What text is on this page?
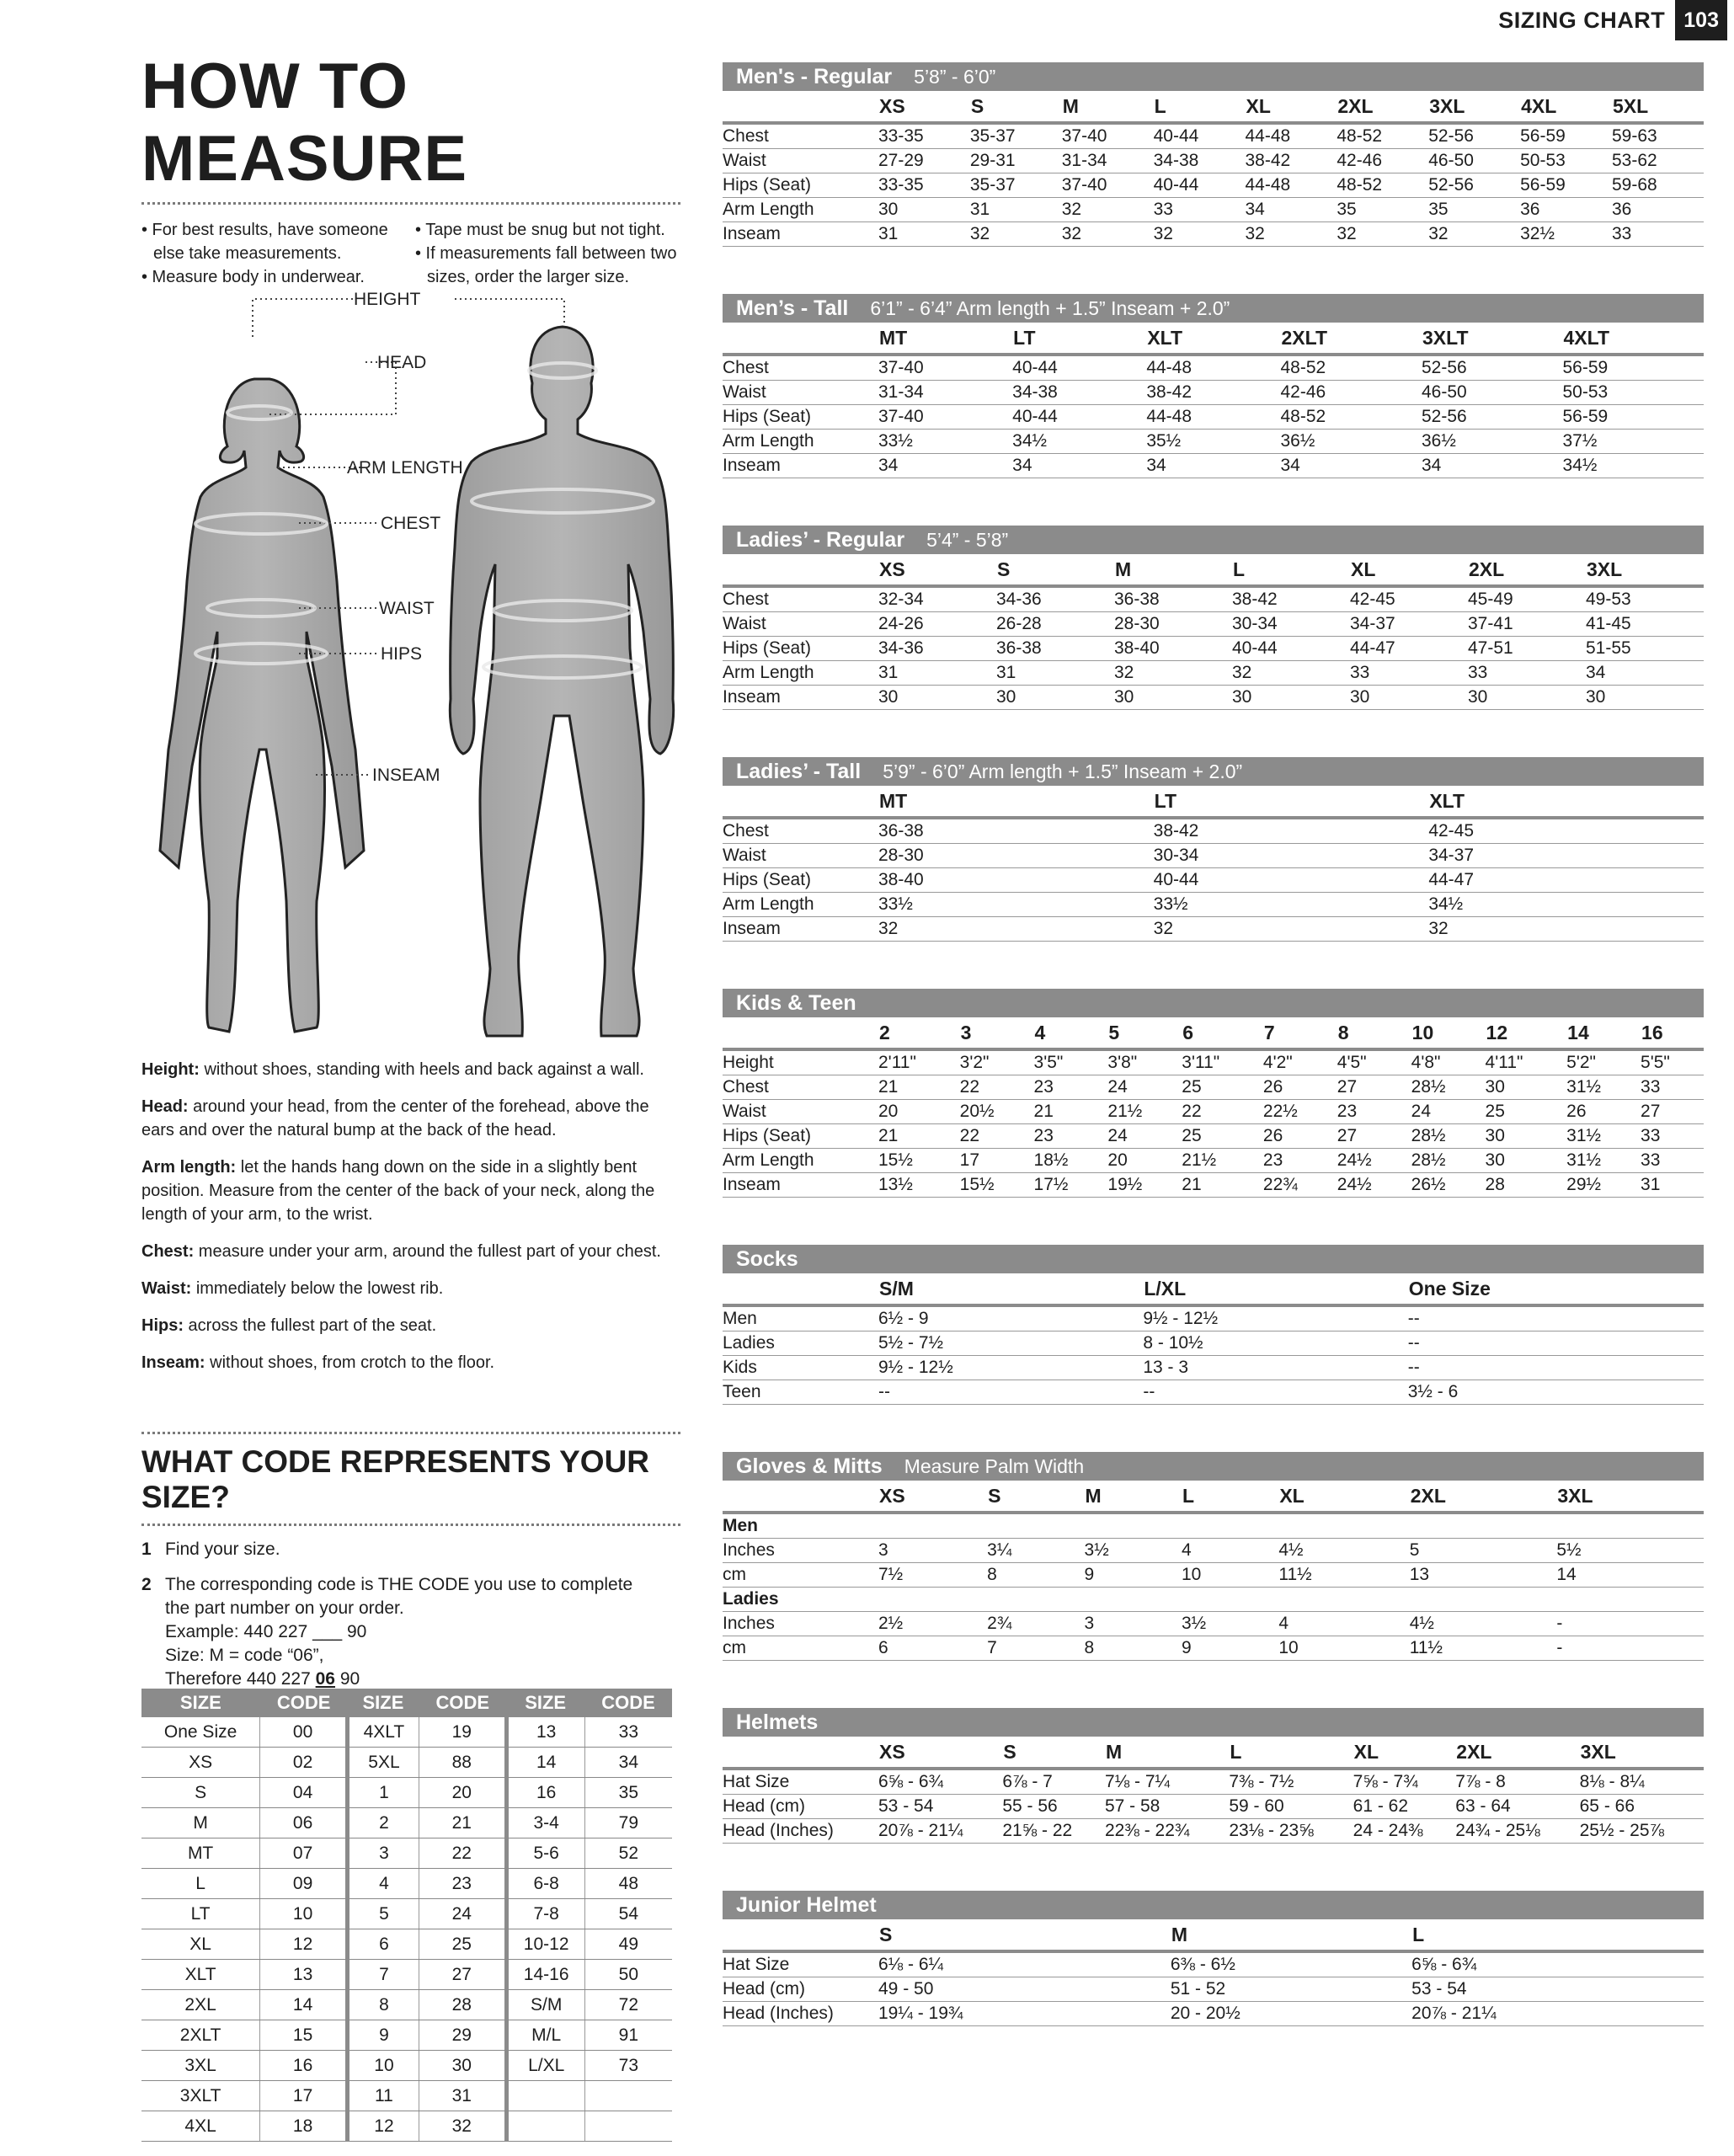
SIZING CHART 103
HOW TO MEASURE
• For best results, have someone else take measurements.
• Measure body in underwear.
• Tape must be snug but not tight.
• If measurements fall between two sizes, order the larger size.
HEIGHT
HEAD
ARM LENGTH
CHEST
WAIST
HIPS
INSEAM

Height: without shoes, standing with heels and back against a wall.

Head: around your head, from the center of the forehead, above the ears and over the natural bump at the back of the head.

Arm length: let the hands hang down on the side in a slightly bent position. Measure from the center of the back of your neck, along the length of your arm, to the wrist.

Chest: measure under your arm, around the fullest part of your chest.

Waist: immediately below the lowest rib.

Hips: across the fullest part of the seat.

Inseam: without shoes, from crotch to the floor.

WHAT CODE REPRESENTS YOUR SIZE?
1 Find your size.
2 The corresponding code is THE CODE you use to complete
the part number on your order.
Example: 440 227 ___ 90
Size: M = code “06”,
Therefore 440 227 06 90
SIZE	CODE	SIZE	CODE	SIZE	CODE
One Size	00	4XLT	19	13	33
XS	02	5XL	88	14	34
S	04	1	20	16	35
M	06	2	21	3-4	79
MT	07	3	22	5-6	52
L	09	4	23	6-8	48
LT	10	5	24	7-8	54
XL	12	6	25	10-12	49
XLT	13	7	27	14-16	50
2XL	14	8	28	S/M	72
2XLT	15	9	29	M/L	91
3XL	16	10	30	L/XL	73
3XLT	17	11	31		
4XL	18	12	32		
Men's - Regular 5’8” - 6’0”
	XS	S	M	L	XL	2XL	3XL	4XL	5XL
Chest	33-35	35-37	37-40	40-44	44-48	48-52	52-56	56-59	59-63
Waist	27-29	29-31	31-34	34-38	38-42	42-46	46-50	50-53	53-62
Hips (Seat)	33-35	35-37	37-40	40-44	44-48	48-52	52-56	56-59	59-68
Arm Length	30	31	32	33	34	35	35	36	36
Inseam	31	32	32	32	32	32	32	32½	33
Men’s - Tall 6’1” - 6’4” Arm length + 1.5” Inseam + 2.0”
	MT	LT	XLT	2XLT	3XLT	4XLT
Chest	37-40	40-44	44-48	48-52	52-56	56-59
Waist	31-34	34-38	38-42	42-46	46-50	50-53
Hips (Seat)	37-40	40-44	44-48	48-52	52-56	56-59
Arm Length	33½	34½	35½	36½	36½	37½
Inseam	34	34	34	34	34	34½
Ladies’ - Regular 5’4” - 5’8”
	XS	S	M	L	XL	2XL	3XL
Chest	32-34	34-36	36-38	38-42	42-45	45-49	49-53
Waist	24-26	26-28	28-30	30-34	34-37	37-41	41-45
Hips (Seat)	34-36	36-38	38-40	40-44	44-47	47-51	51-55
Arm Length	31	31	32	32	33	33	34
Inseam	30	30	30	30	30	30	30
Ladies’ - Tall 5’9” - 6’0” Arm length + 1.5” Inseam + 2.0”
	MT	LT	XLT
Chest	36-38	38-42	42-45
Waist	28-30	30-34	34-37
Hips (Seat)	38-40	40-44	44-47
Arm Length	33½	33½	34½
Inseam	32	32	32
Kids & Teen
	2	3	4	5	6	7	8	10	12	14	16
Height	2'11"	3'2"	3'5"	3'8"	3'11"	4'2"	4'5"	4'8"	4'11"	5'2"	5'5"
Chest	21	22	23	24	25	26	27	28½	30	31½	33
Waist	20	20½	21	21½	22	22½	23	24	25	26	27
Hips (Seat)	21	22	23	24	25	26	27	28½	30	31½	33
Arm Length	15½	17	18½	20	21½	23	24½	28½	30	31½	33
Inseam	13½	15½	17½	19½	21	22¾	24½	26½	28	29½	31
Socks
	S/M	L/XL	One Size
Men	6½ - 9	9½ - 12½	--
Ladies	5½ - 7½	8 - 10½	--
Kids	9½ - 12½	13 - 3	--
Teen	--	--	3½ - 6
Gloves & Mitts Measure Palm Width
	XS	S	M	L	XL	2XL	3XL
Men							
Inches	3	3¼	3½	4	4½	5	5½
cm	7½	8	9	10	11½	13	14
Ladies							
Inches	2½	2¾	3	3½	4	4½	-
cm	6	7	8	9	10	11½	-
Helmets
	XS	S	M	L	XL	2XL	3XL
Hat Size	6⅝ - 6¾	6⅞ - 7	7⅛ - 7¼	7⅜ - 7½	7⅝ - 7¾	7⅞ - 8	8⅛ - 8¼
Head (cm)	53 - 54	55 - 56	57 - 58	59 - 60	61 - 62	63 - 64	65 - 66
Head (Inches)	20⅞ - 21¼	21⅝ - 22	22⅜ - 22¾	23⅛ - 23⅝	24 - 24⅜	24¾ - 25⅛	25½ - 25⅞
Junior Helmet
	S	M	L
Hat Size	6⅛ - 6¼	6⅜ - 6½	6⅝ - 6¾
Head (cm)	49 - 50	51 - 52	53 - 54
Head (Inches)	19¼ - 19¾	20 - 20½	20⅞ - 21¼
